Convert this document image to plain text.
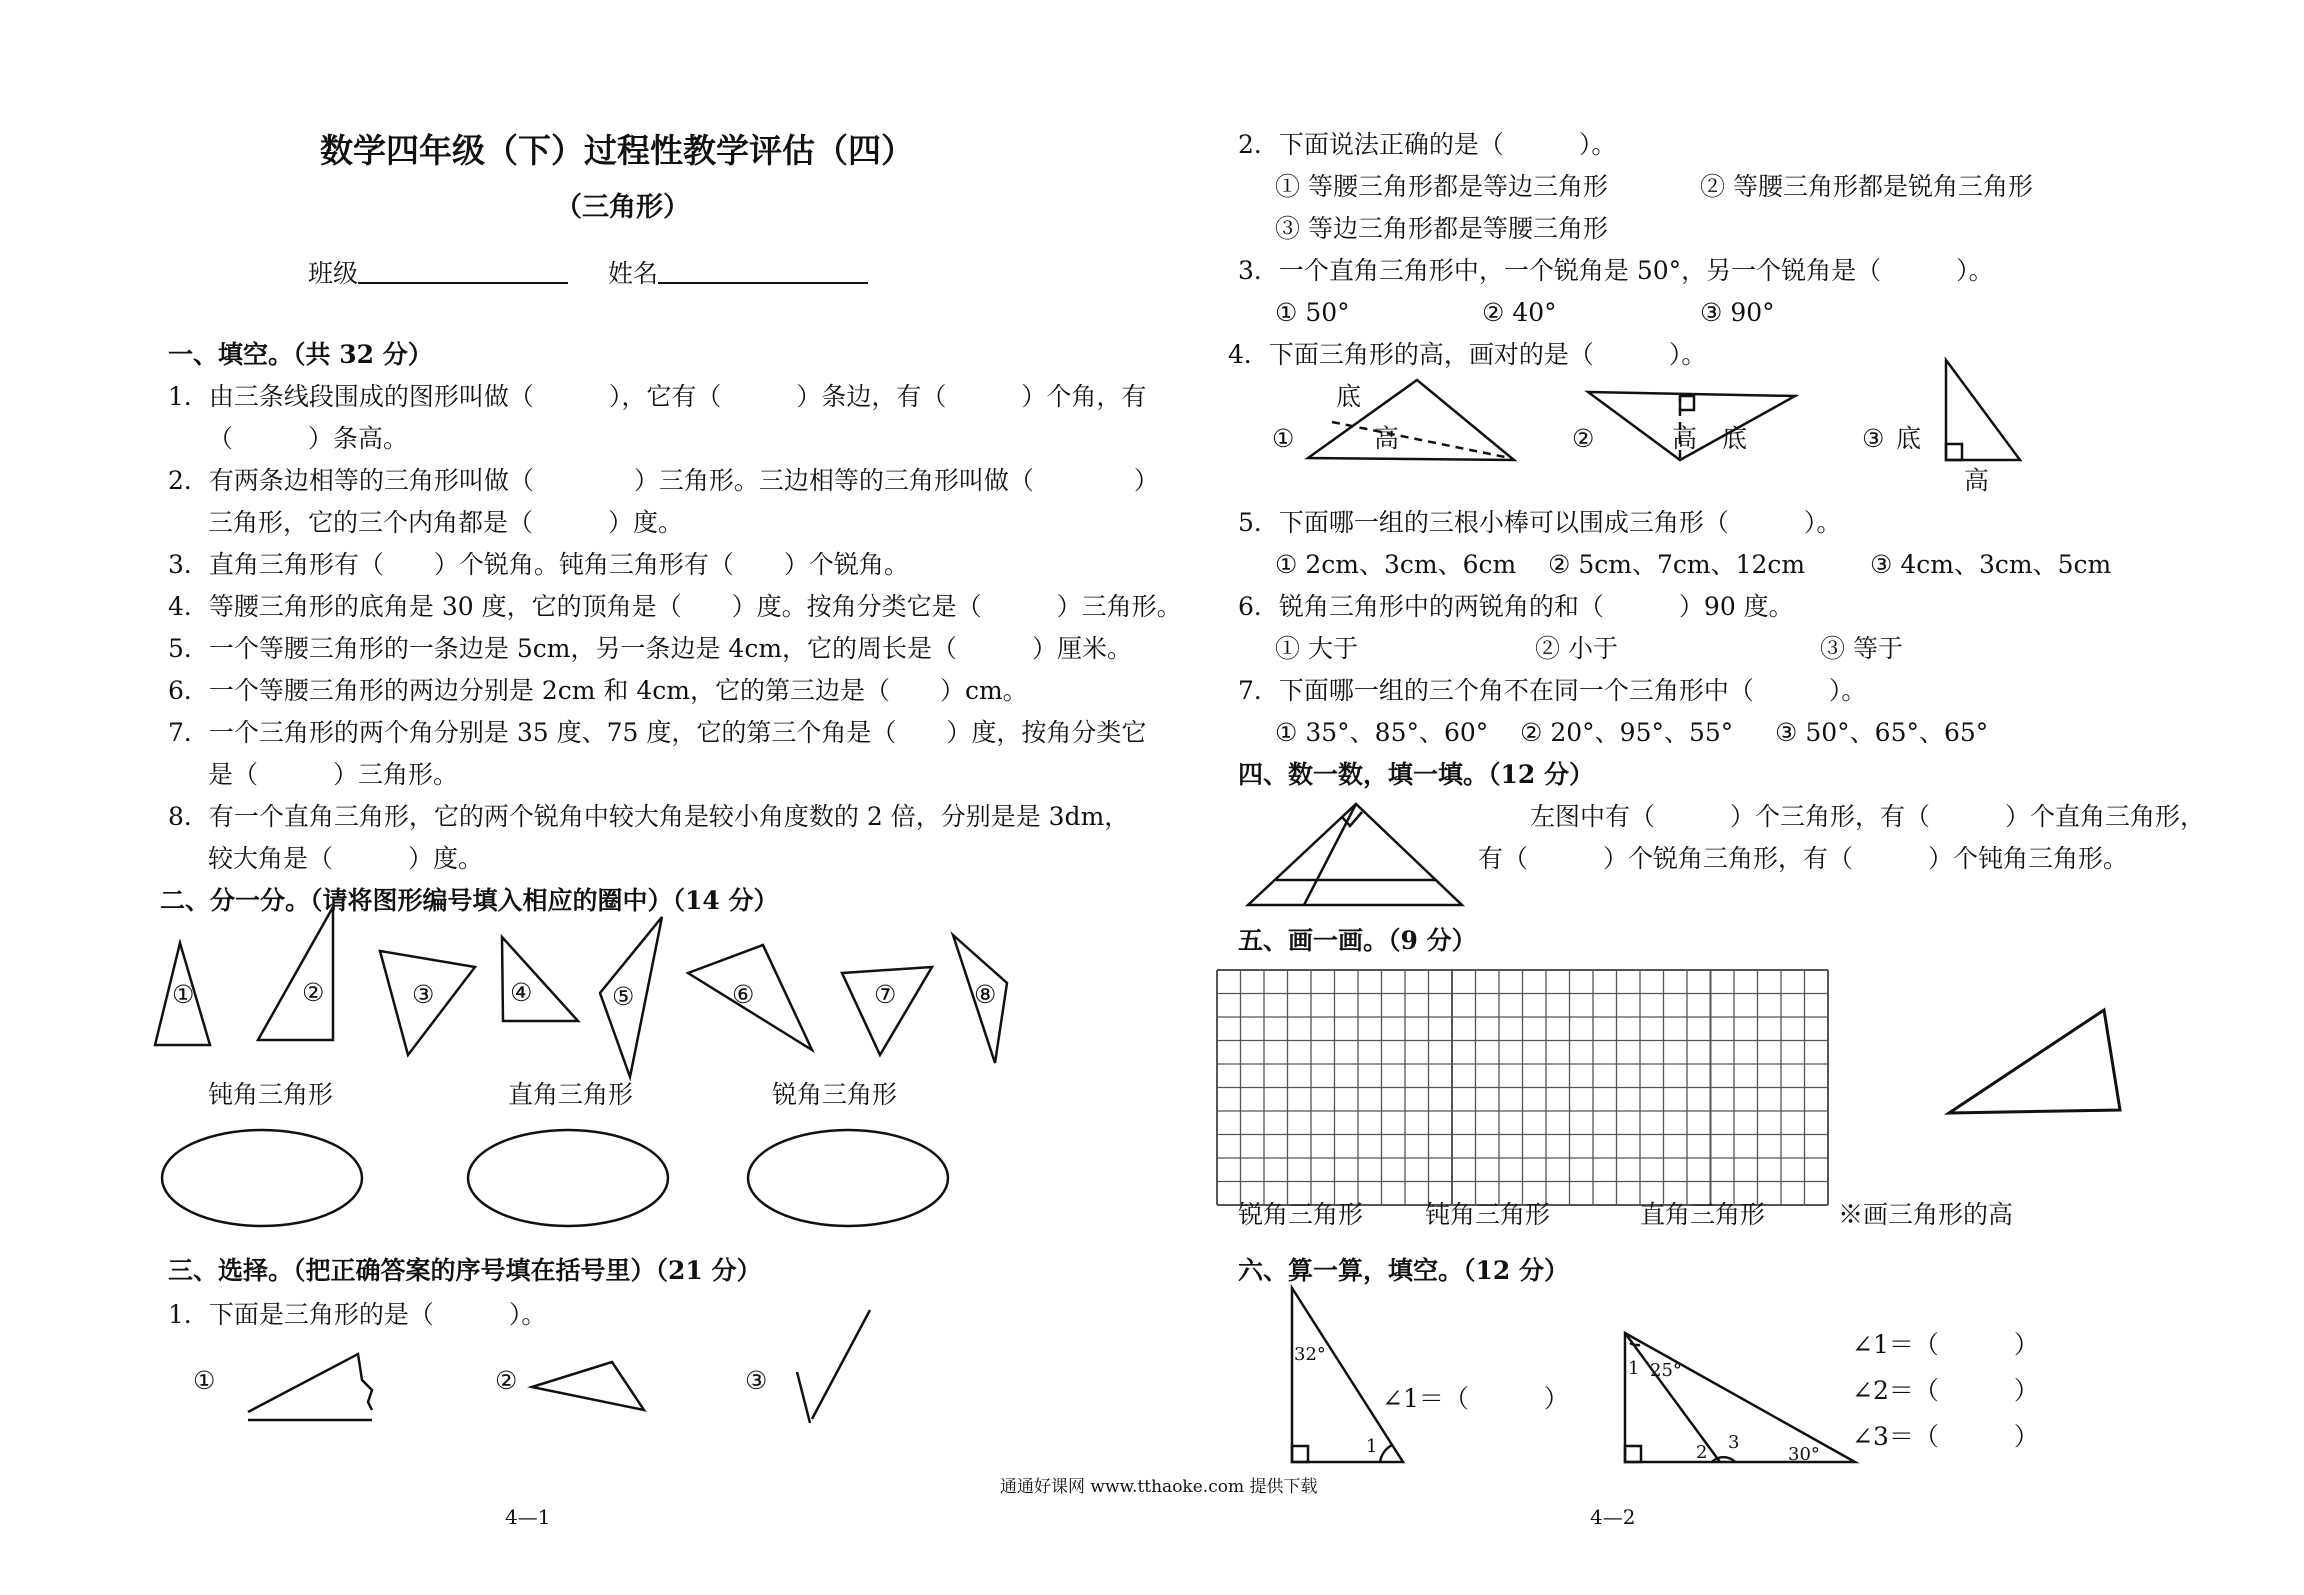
数学四年级（下）过程性教学评估（四）
（三角形）
班级	姓名
一、填空。（共 32 分）
1．由三条线段围成的图形叫做（　　　），它有（　　　）条边，有（　　　）个角，有
（　　　）条高。
2．有两条边相等的三角形叫做（　　　　）三角形。三边相等的三角形叫做（　　　　）
三角形，它的三个内角都是（　　　）度。
3．直角三角形有（　　）个锐角。钝角三角形有（　　）个锐角。
4．等腰三角形的底角是 30 度，它的顶角是（　　）度。按角分类它是（　　　）三角形。
5．一个等腰三角形的一条边是 5cm，另一条边是 4cm，它的周长是（　　　）厘米。
6．一个等腰三角形的两边分别是 2cm 和 4cm，它的第三边是（　　）cm。
7．一个三角形的两个角分别是 35 度、75 度，它的第三个角是（　　）度，按角分类它
是（　　　）三角形。
8．有一个直角三角形，它的两个锐角中较大角是较小角度数的 2 倍，分别是是 3dm，
较大角是（　　　）度。
二、分一分。（请将图形编号填入相应的圈中）（14 分）
①	②	③	④	⑤	⑥	⑦	⑧
钝角三角形	直角三角形	锐角三角形
三、选择。（把正确答案的序号填在括号里）（21 分）
1．下面是三角形的是（　　　）。
①	②	③
4—1
2．下面说法正确的是（　　　）。
① 等腰三角形都是等边三角形	② 等腰三角形都是锐角三角形
③ 等边三角形都是等腰三角形
3．一个直角三角形中，一个锐角是 50°，另一个锐角是（　　　）。
① 50°	② 40°	③ 90°
4．下面三角形的高，画对的是（　　　）。
底
①	高	②	高 底	③ 底
高
5．下面哪一组的三根小棒可以围成三角形（　　　）。
① 2cm、3cm、6cm ② 5cm、7cm、12cm	③ 4cm、3cm、5cm
6．锐角三角形中的两锐角的和（　　　）90 度。
① 大于	② 小于	③ 等于
7．下面哪一组的三个角不在同一个三角形中（　　　）。
① 35°、85°、60° ② 20°、95°、55° ③ 50°、65°、65°
四、数一数，填一填。（12 分）
左图中有（　　　）个三角形，有（　　　）个直角三角形，
有（　　　）个锐角三角形，有（　　　）个钝角三角形。
五、画一画。（9 分）
锐角三角形 钝角三角形	直角三角形	※画三角形的高
六、算一算，填空。（12 分）
32°
1
∠1＝（　　　）
1 25°
2 3
30°
∠1＝（　　　）
∠2＝（　　　）
∠3＝（　　　）
4—2
通通好课网 www.tthaoke.com 提供下载
